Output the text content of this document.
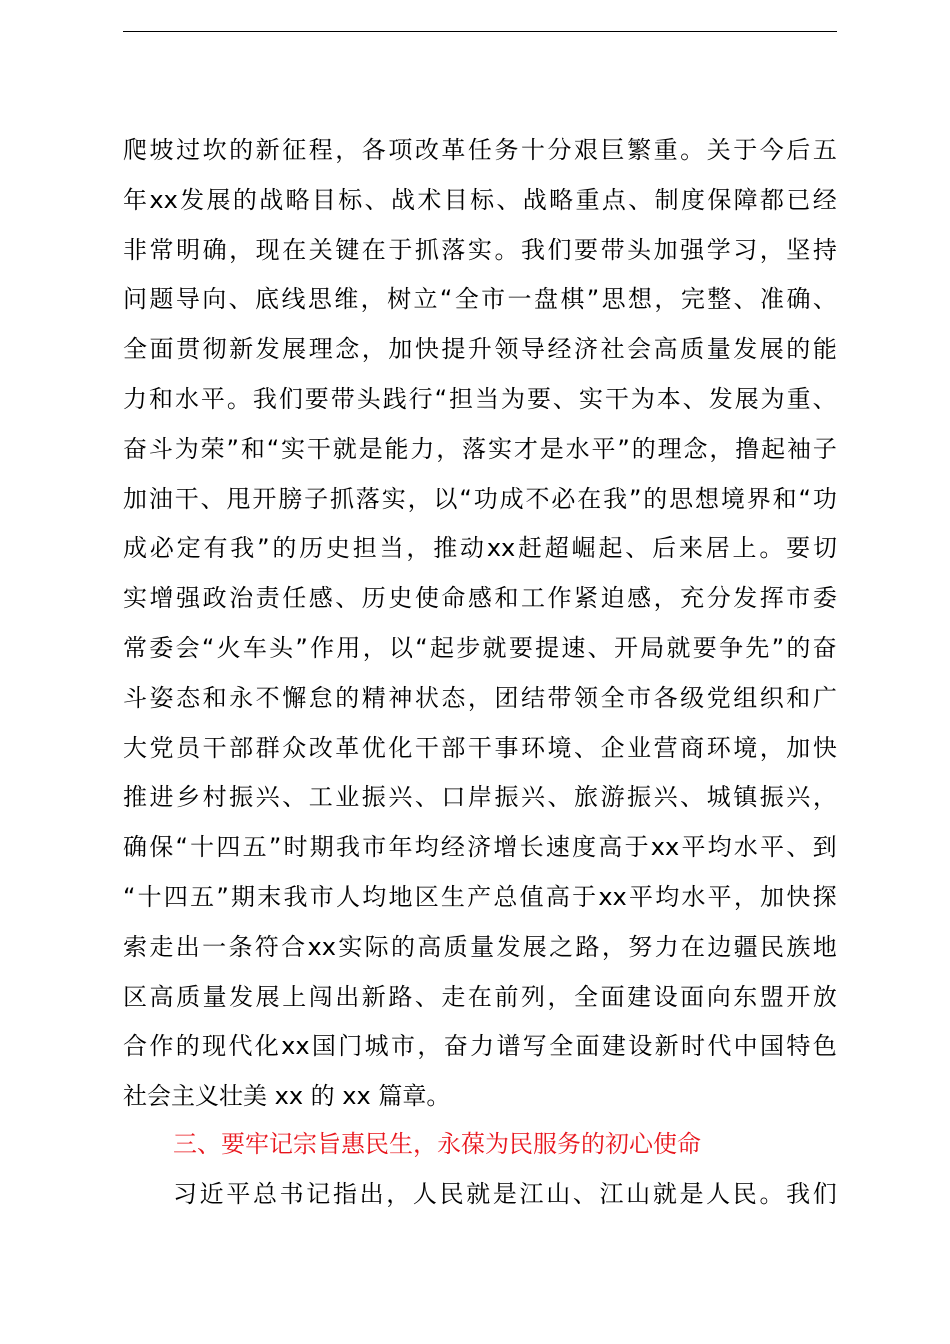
爬 坡 过 坎 的 新 征 程 ， 各 项 改 革 任 务 十 分 艰 巨 繁 重 。 关 于 今 后 五
年 xx 发 展 的 战 略 目 标 、 战 术 目 标 、 战 略 重 点 、 制 度 保 障 都 已 经
非 常 明 确 ， 现 在 关 键 在 于 抓 落 实 。 我 们 要 带 头 加 强 学 习 ， 坚 持
问 题 导 向 、 底 线 思 维 ， 树 立 “ 全 市 一 盘 棋 ” 思 想 ， 完 整 、 准 确 、
全 面 贯 彻 新 发 展 理 念 ， 加 快 提 升 领 导 经 济 社 会 高 质 量 发 展 的 能
力 和 水 平 。 我 们 要 带 头 践 行 “ 担 当 为 要 、 实 干 为 本 、 发 展 为 重 、
奋 斗 为 荣 ” 和 “ 实 干 就 是 能 力 ， 落 实 才 是 水 平 ” 的 理 念 ， 撸 起 袖 子
加 油 干 、 甩 开 膀 子 抓 落 实 ， 以 “ 功 成 不 必 在 我 ” 的 思 想 境 界 和 “ 功
成 必 定 有 我 ” 的 历 史 担 当 ， 推 动 xx 赶 超 崛 起 、 后 来 居 上 。 要 切
实 增 强 政 治 责 任 感 、 历 史 使 命 感 和 工 作 紧 迫 感 ， 充 分 发 挥 市 委
常 委 会 “ 火 车 头 ” 作 用 ， 以 “ 起 步 就 要 提 速 、 开 局 就 要 争 先 ” 的 奋
斗 姿 态 和 永 不 懈 怠 的 精 神 状 态 ， 团 结 带 领 全 市 各 级 党 组 织 和 广
大 党 员 干 部 群 众 改 革 优 化 干 部 干 事 环 境 、 企 业 营 商 环 境 ， 加 快
推 进 乡 村 振 兴 、 工 业 振 兴 、 口 岸 振 兴 、 旅 游 振 兴 、 城 镇 振 兴 ，
确 保 “ 十 四 五 ” 时 期 我 市 年 均 经 济 增 长 速 度 高 于 xx 平 均 水 平 、 到
“ 十 四 五 ” 期 末 我 市 人 均 地 区 生 产 总 值 高 于 xx 平 均 水 平 ， 加 快 探
索 走 出 一 条 符 合 xx 实 际 的 高 质 量 发 展 之 路 ， 努 力 在 边 疆 民 族 地
区 高 质 量 发 展 上 闯 出 新 路 、 走 在 前 列 ， 全 面 建 设 面 向 东 盟 开 放
合 作 的 现 代 化 xx 国 门 城 市 ， 奋 力 谱 写 全 面 建 设 新 时 代 中 国 特 色
社会主义壮美 xx 的 xx 篇章。
三、要牢记宗旨惠民生，永葆为民服务的初心使命
习 近 平 总 书 记 指 出 ， 人 民 就 是 江 山 、 江 山 就 是 人 民 。 我 们
